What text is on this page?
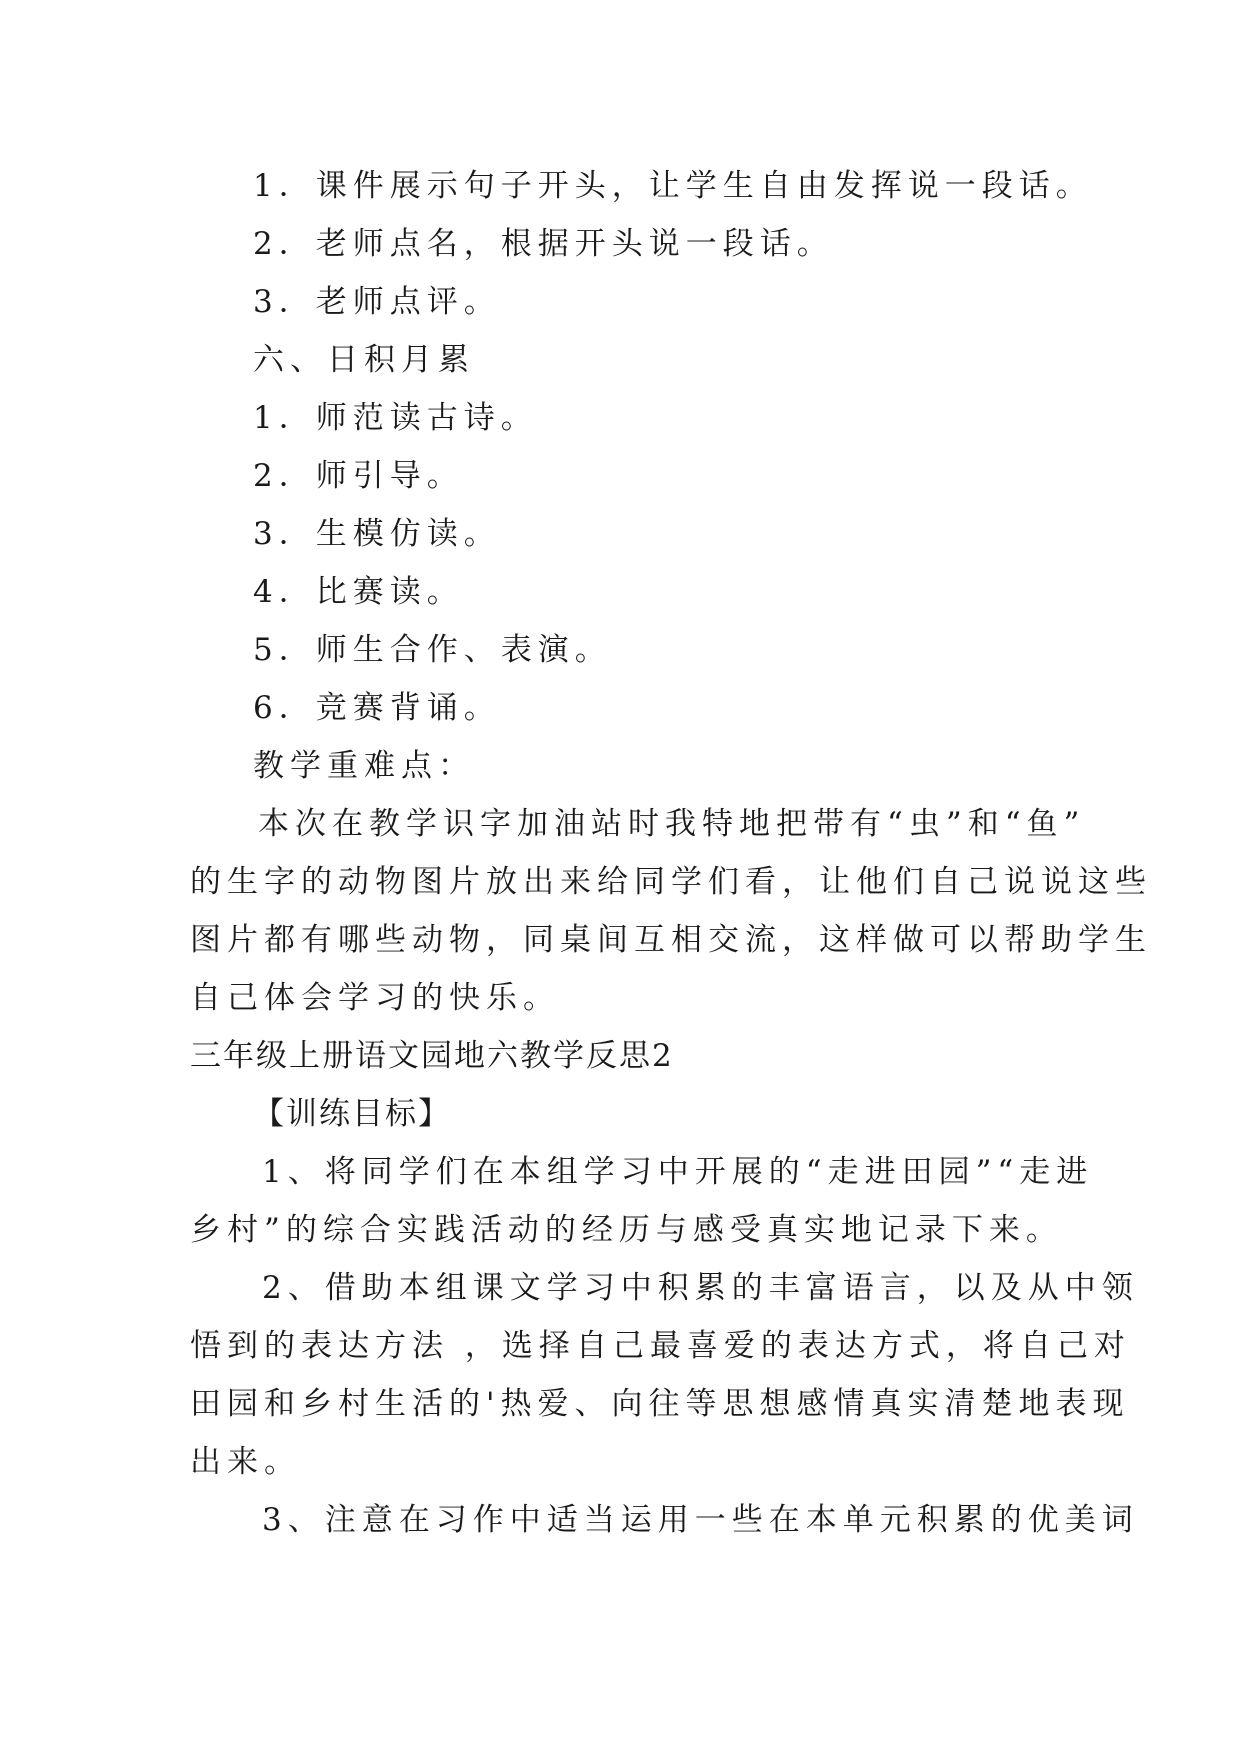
1．课件展示句子开头，让学生自由发挥说一段话。
2．老师点名，根据开头说一段话。
3．老师点评。
六、日积月累
1．师范读古诗。
2．师引导。
3．生模仿读。
4．比赛读。
5．师生合作、表演。
6．竞赛背诵。
教学重难点：
本次在教学识字加油站时我特地把带有“虫”和“鱼”
的生字的动物图片放出来给同学们看，让他们自己说说这些
图片都有哪些动物，同桌间互相交流，这样做可以帮助学生
自己体会学习的快乐。
三年级上册语文园地六教学反思2
【训练目标】
1、将同学们在本组学习中开展的“走进田园”“走进
乡村”的综合实践活动的经历与感受真实地记录下来。
2、借助本组课文学习中积累的丰富语言，以及从中领
悟到的表达方法 ，选择自己最喜爱的表达方式，将自己对
田园和乡村生活的'热爱、向往等思想感情真实清楚地表现
出来。
3、注意在习作中适当运用一些在本单元积累的优美词
